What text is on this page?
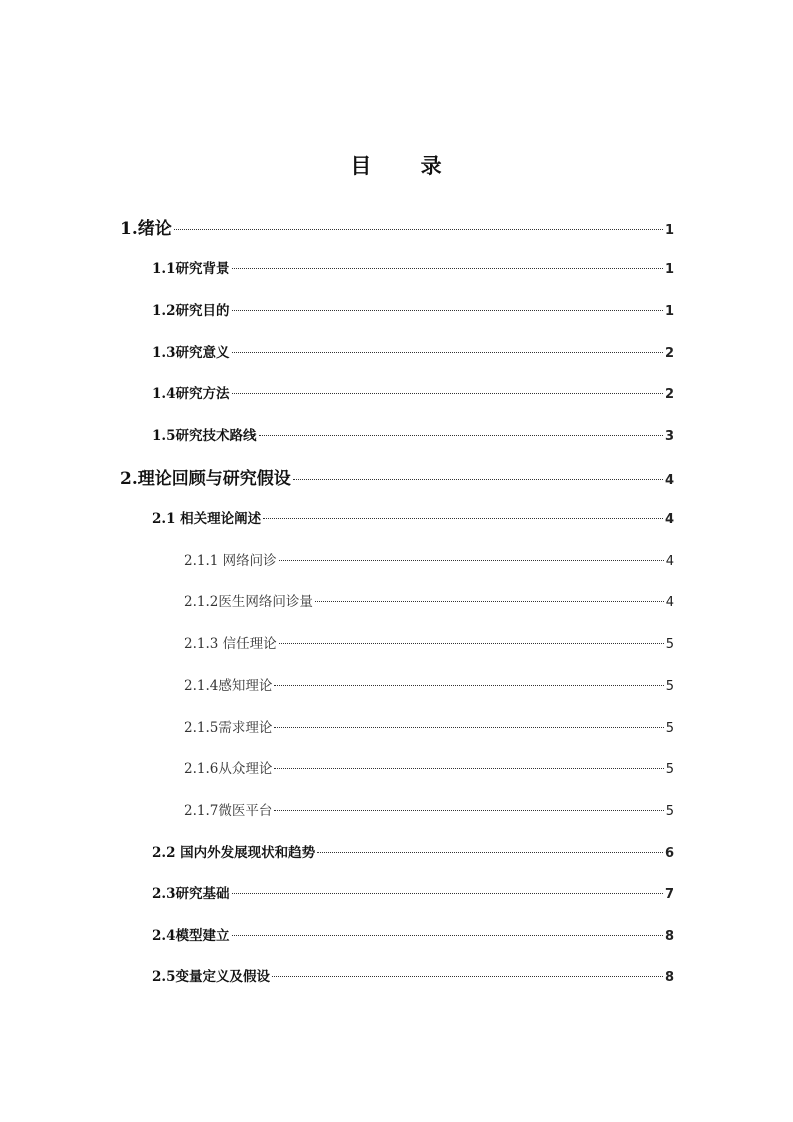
目 录
1.绪论	1
1.1研究背景	1
1.2研究目的	1
1.3研究意义	2
1.4研究方法	2
1.5研究技术路线	3
2.理论回顾与研究假设	4
2.1 相关理论阐述	4
2.1.1 网络问诊	4
2.1.2医生网络问诊量	4
2.1.3 信任理论	5
2.1.4感知理论	5
2.1.5需求理论	5
2.1.6从众理论	5
2.1.7微医平台	5
2.2 国内外发展现状和趋势	6
2.3研究基础	7
2.4模型建立	8
2.5变量定义及假设	8
